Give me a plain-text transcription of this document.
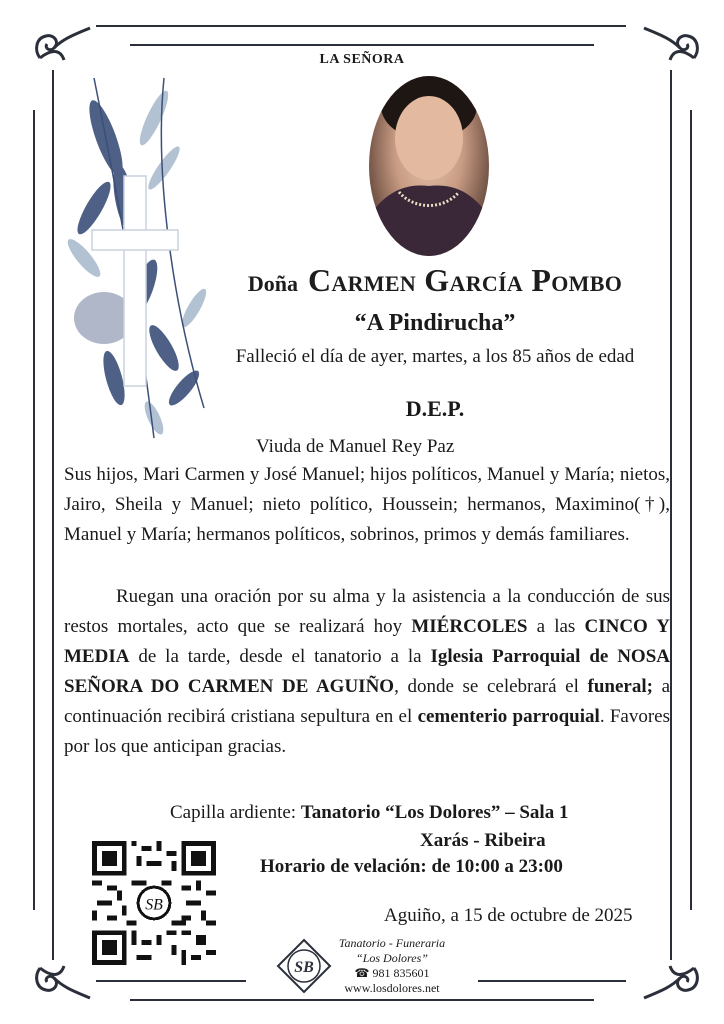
LA SEÑORA
Doña Carmen García Pombo
“A Pindirucha”
Falleció el día de ayer, martes, a los 85 años de edad
D.E.P.
Viuda de Manuel Rey Paz
Sus hijos, Mari Carmen y José Manuel; hijos políticos, Manuel y María; nietos, Jairo, Sheila y Manuel; nieto político, Houssein; hermanos, Maximino(†), Manuel y María; hermanos políticos, sobrinos, primos y demás familiares.
Ruegan una oración por su alma y la asistencia a la conducción de sus restos mortales, acto que se realizará hoy MIÉRCOLES a las CINCO Y MEDIA de la tarde, desde el tanatorio a la Iglesia Parroquial de NOSA SEÑORA DO CARMEN DE AGUIÑO, donde se celebrará el funeral; a continuación recibirá cristiana sepultura en el cementerio parroquial. Favores por los que anticipan gracias.
Capilla ardiente: Tanatorio “Los Dolores” – Sala 1
Xarás - Ribeira
Horario de velación: de 10:00 a 23:00
SB
Aguiño, a 15 de octubre de 2025
SB
Tanatorio - Funeraria
“Los Dolores”
☎ 981 835601
www.losdolores.net
